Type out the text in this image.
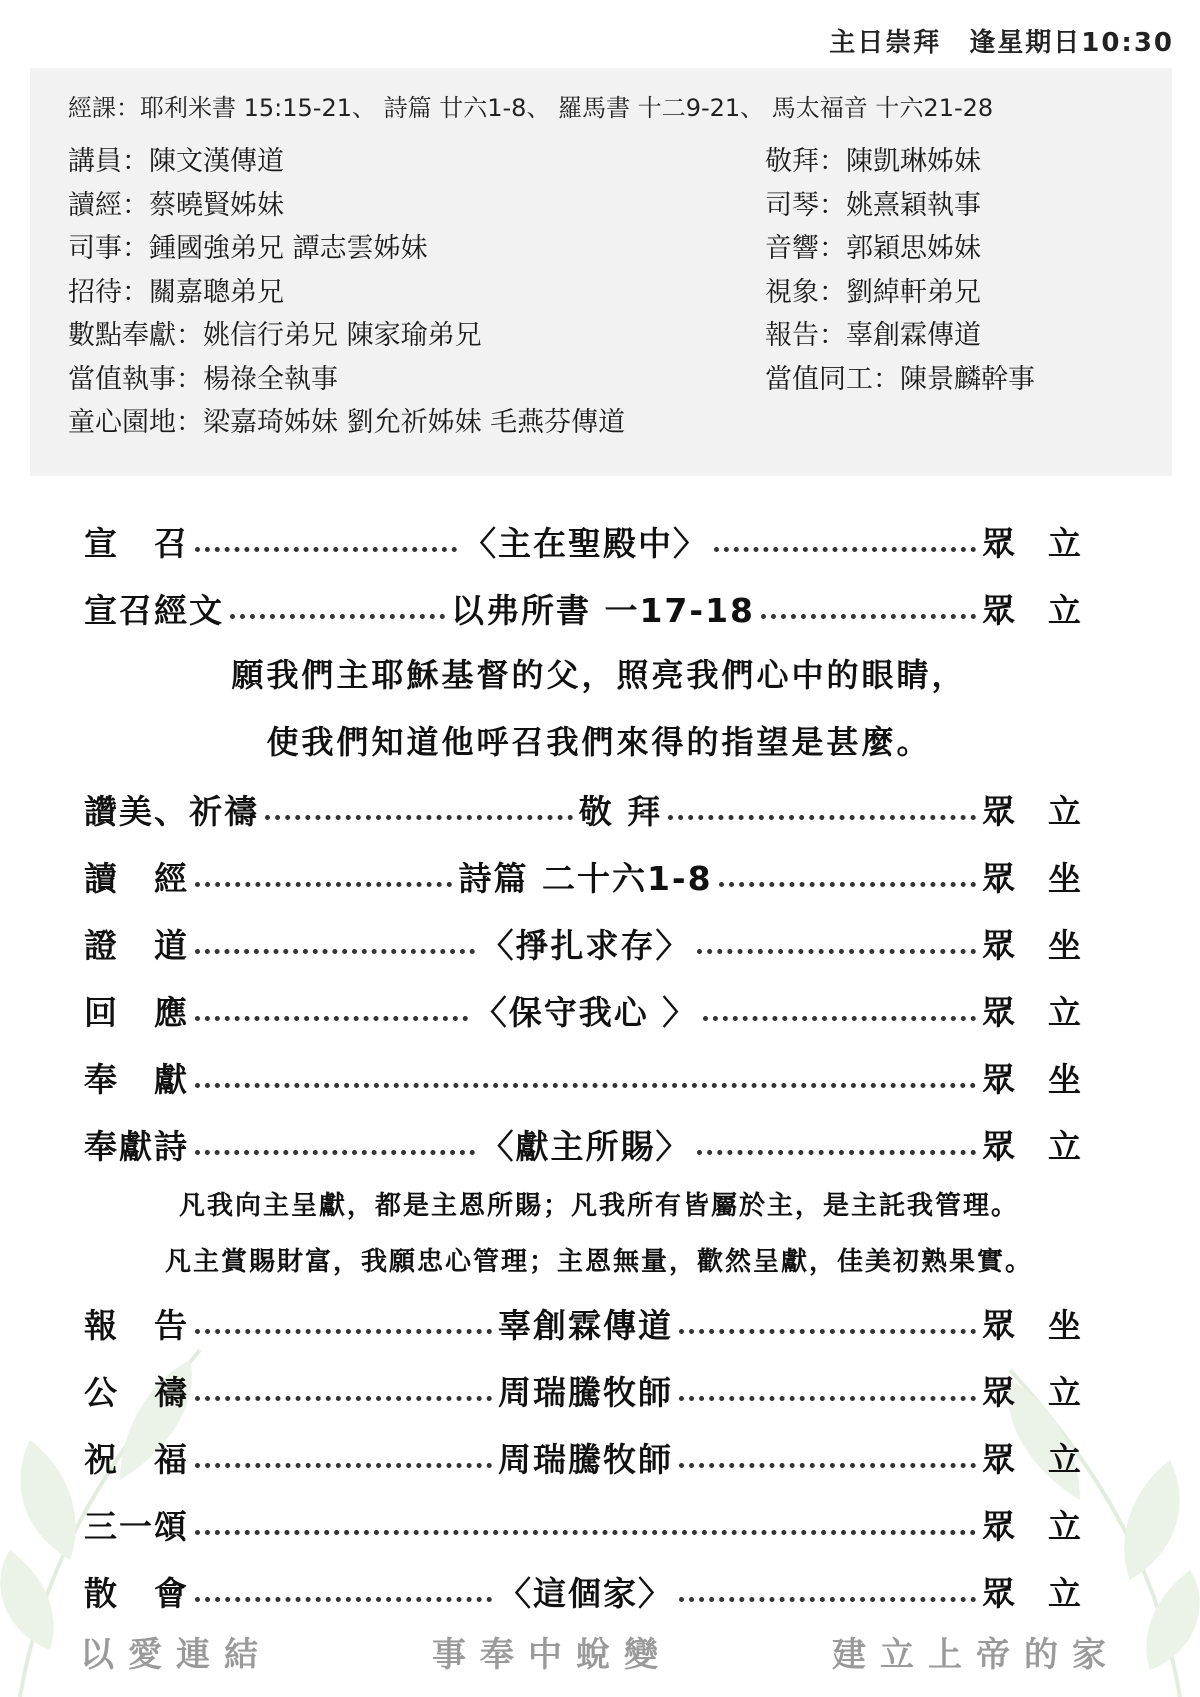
主日崇拜　逢星期日10:30
經課：耶利米書 15:15-21、 詩篇 廿六1-8、 羅馬書 十二9-21、 馬太福音 十六21-28
講員：陳文漢傳道
讀經：蔡曉賢姊妹
司事：鍾國強弟兄 譚志雲姊妹
招待：關嘉聰弟兄
數點奉獻：姚信行弟兄 陳家瑜弟兄
當值執事：楊祿全執事
童心園地：梁嘉琦姊妹 劉允祈姊妹 毛燕芬傳道
敬拜：陳凱琳姊妹
司琴：姚熹穎執事
音響：郭穎思姊妹
視象：劉綽軒弟兄
報告：辜創霖傳道
當值同工：陳景麟幹事
宣　召	〈主在聖殿中〉	眾　立
宣召經文	以弗所書 一17-18	眾　立
願我們主耶穌基督的父，照亮我們心中的眼睛，
使我們知道他呼召我們來得的指望是甚麼。
讚美、祈禱	敬 拜	眾　立
讀　經	詩篇 二十六1-8	眾　坐
證　道	〈掙扎求存〉	眾　坐
回　應	〈保守我心 〉	眾　立
奉　獻	眾　坐
奉獻詩	〈獻主所賜〉	眾　立
凡我向主呈獻，都是主恩所賜；凡我所有皆屬於主，是主託我管理。
凡主賞賜財富，我願忠心管理；主恩無量，歡然呈獻，佳美初熟果實。
報　告	辜創霖傳道	眾　坐
公　禱	周瑞騰牧師	眾　立
祝　福	周瑞騰牧師	眾　立
三一頌	眾　立
散　會	〈這個家〉	眾　立
以愛連結	事奉中蛻變	建立上帝的家
